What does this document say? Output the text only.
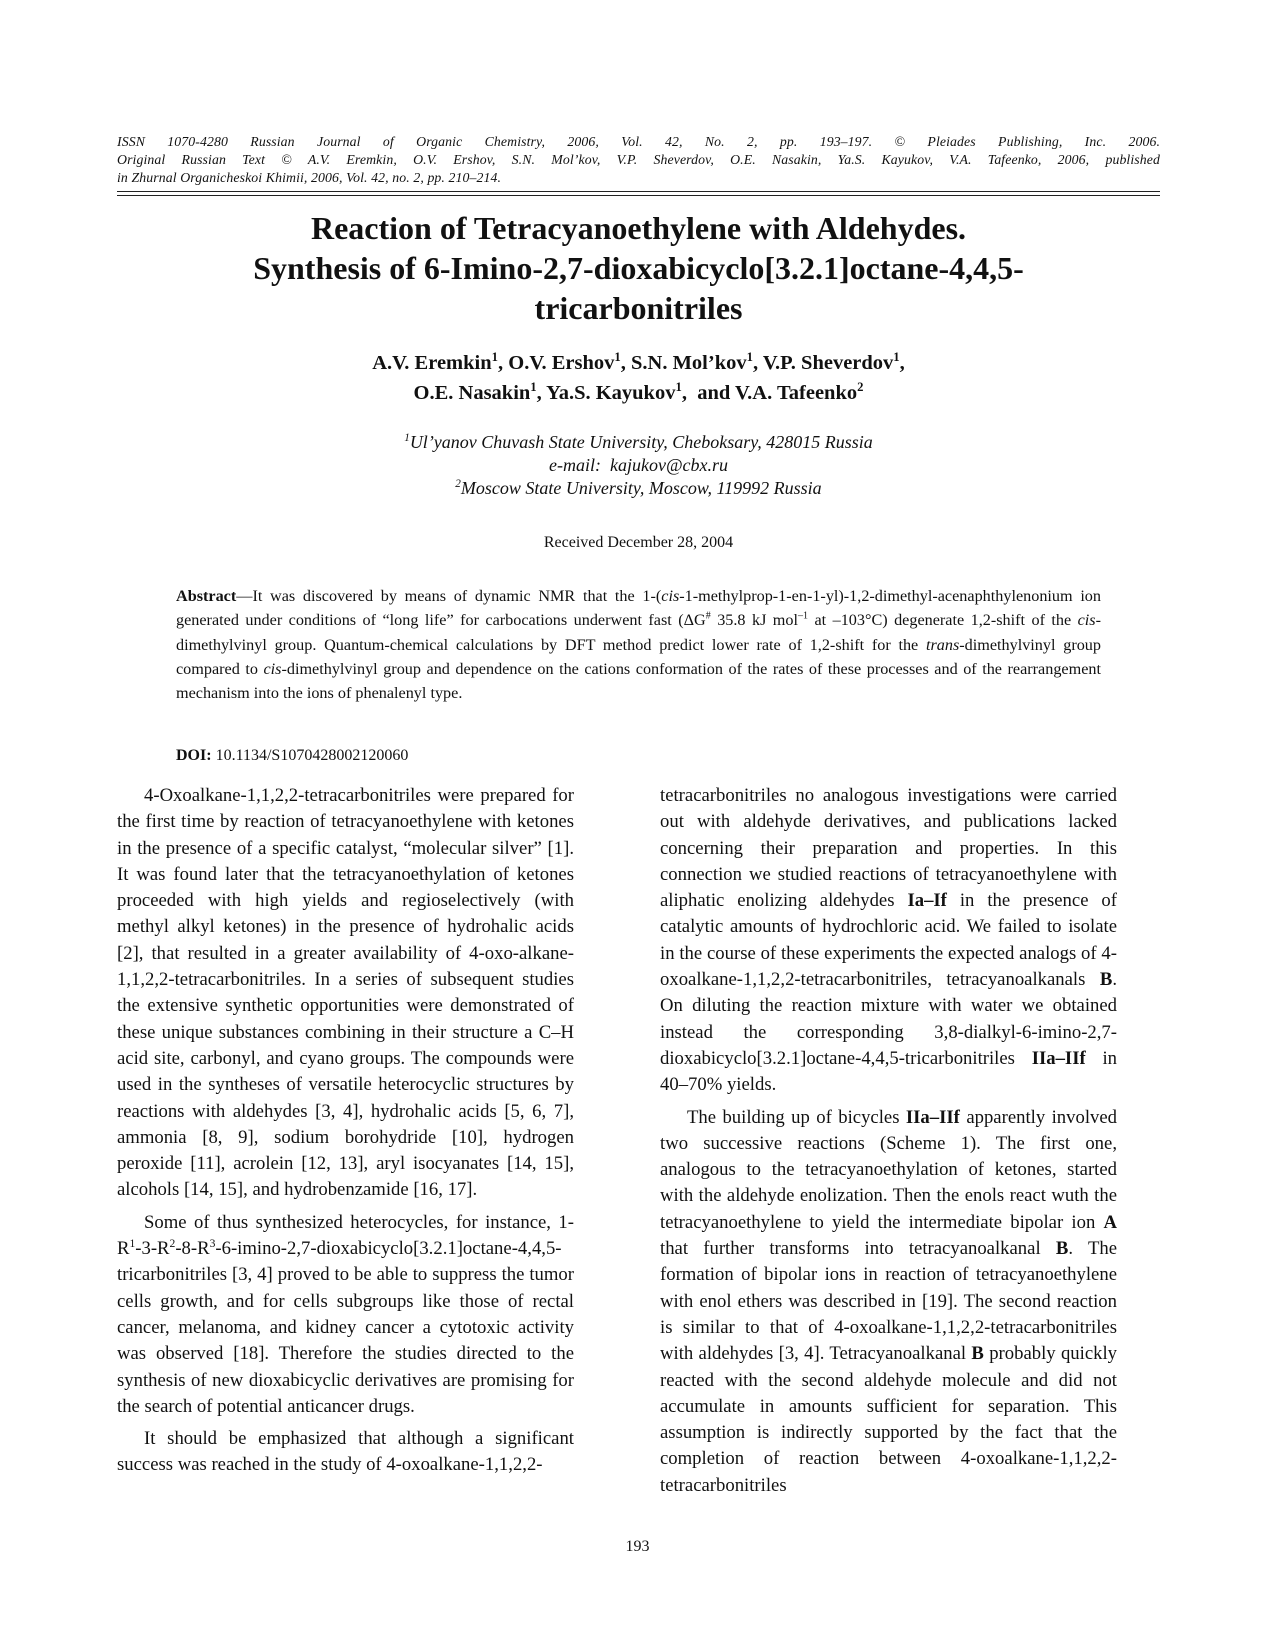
ISSN 1070-4280 Russian Journal of Organic Chemistry, 2006, Vol. 42, No. 2, pp. 193–197. © Pleiades Publishing, Inc. 2006.

Original Russian Text © A.V. Eremkin, O.V. Ershov, S.N. Mol’kov, V.P. Sheverdov, O.E. Nasakin, Ya.S. Kayukov, V.A. Tafeenko, 2006, published

in Zhurnal Organicheskoi Khimii, 2006, Vol. 42, no. 2, pp. 210–214.

Reaction of Tetracyanoethylene with Aldehydes.
Synthesis of 6-Imino-2,7-dioxabicyclo[3.2.1]octane-4,4,5-
tricarbonitriles
A.V. Eremkin$^1$, O.V. Ershov$^1$, S.N. Mol’kov$^1$, V.P. Sheverdov$^1$,
O.E. Nasakin$^1$, Ya.S. Kayukov$^1$,  and V.A. Tafeenko$^2$
$^1$Ul’yanov Chuvash State University, Cheboksary, 428015 Russia
e-mail:  kajukov@cbx.ru
$^2$Moscow State University, Moscow, 119992 Russia
Received December 28, 2004
Abstract—It was discovered by means of dynamic NMR that the 1-(cis-1-methylprop-1-en-1-yl)-1,2-dimethyl-acenaphthylenonium ion generated under conditions of “long life” for carbocations underwent fast (ΔG# 35.8 kJ mol$^{-1}$ at –103°C) degenerate 1,2-shift of the cis-dimethylvinyl group. Quantum-chemical calculations by DFT method predict lower rate of 1,2-shift for the trans-dimethylvinyl group compared to cis-dimethylvinyl group and dependence on the cations conformation of the rates of these processes and of the rearrangement mechanism into the ions of phenalenyl type.
DOI: 10.1134/S1070428002120060

4-Oxoalkane-1,1,2,2-tetracarbonitriles were prepared for the first time by reaction of tetracyanoethylene with ketones in the presence of a specific catalyst, “molecular silver” [1]. It was found later that the tetracyanoethylation of ketones proceeded with high yields and regioselectively (with methyl alkyl ketones) in the presence of hydrohalic acids [2], that resulted in a greater availability of 4-oxo-alkane-1,1,2,2-tetracarbonitriles. In a series of subsequent studies the extensive synthetic opportunities were demonstrated of these unique substances combining in their structure a C–H acid site, carbonyl, and cyano groups. The compounds were used in the syntheses of versatile heterocyclic structures by reactions with aldehydes [3, 4], hydrohalic acids [5, 6, 7], ammonia [8, 9], sodium borohydride [10], hydrogen peroxide [11], acrolein [12, 13], aryl isocyanates [14, 15], alcohols [14, 15], and hydrobenzamide [16, 17].

Some of thus synthesized heterocycles, for instance, $1-R^1-3-R^2-8-R^3-6-imino-2,7-dioxabicyclo[3.2.1]octane-4,4,5$-tricarbonitriles [3, 4] proved to be able to suppress the tumor cells growth, and for cells subgroups like those of rectal cancer, melanoma, and kidney cancer a cytotoxic activity was observed [18]. Therefore the studies directed to the synthesis of new dioxabicyclic derivatives are promising for the search of potential anticancer drugs.

It should be emphasized that although a significant success was reached in the study of 4-oxoalkane-1,1,2,2-

tetracarbonitriles no analogous investigations were carried out with aldehyde derivatives, and publications lacked concerning their preparation and properties. In this connection we studied reactions of tetracyanoethylene with aliphatic enolizing aldehydes Ia–If in the presence of catalytic amounts of hydrochloric acid. We failed to isolate in the course of these experiments the expected analogs of 4-oxoalkane-1,1,2,2-tetracarbonitriles, tetracyanoalkanals B. On diluting the reaction mixture with water we obtained instead the corresponding 3,8-dialkyl-6-imino-2,7-dioxabicyclo[3.2.1]octane-4,4,5-tricarbonitriles IIa–IIf in 40–70% yields.

The building up of bicycles IIa–IIf apparently involved two successive reactions (Scheme 1). The first one, analogous to the tetracyanoethylation of ketones, started with the aldehyde enolization. Then the enols react wuth the tetracyanoethylene to yield the intermediate bipolar ion A that further transforms into tetracyanoalkanal B. The formation of bipolar ions in reaction of tetracyanoethylene with enol ethers was described in [19]. The second reaction is similar to that of 4-oxoalkane-1,1,2,2-tetracarbonitriles with aldehydes [3, 4]. Tetracyanoalkanal B probably quickly reacted with the second aldehyde molecule and did not accumulate in amounts sufficient for separation. This assumption is indirectly supported by the fact that the completion of reaction between 4-oxoalkane-1,1,2,2-tetracarbonitriles

193
